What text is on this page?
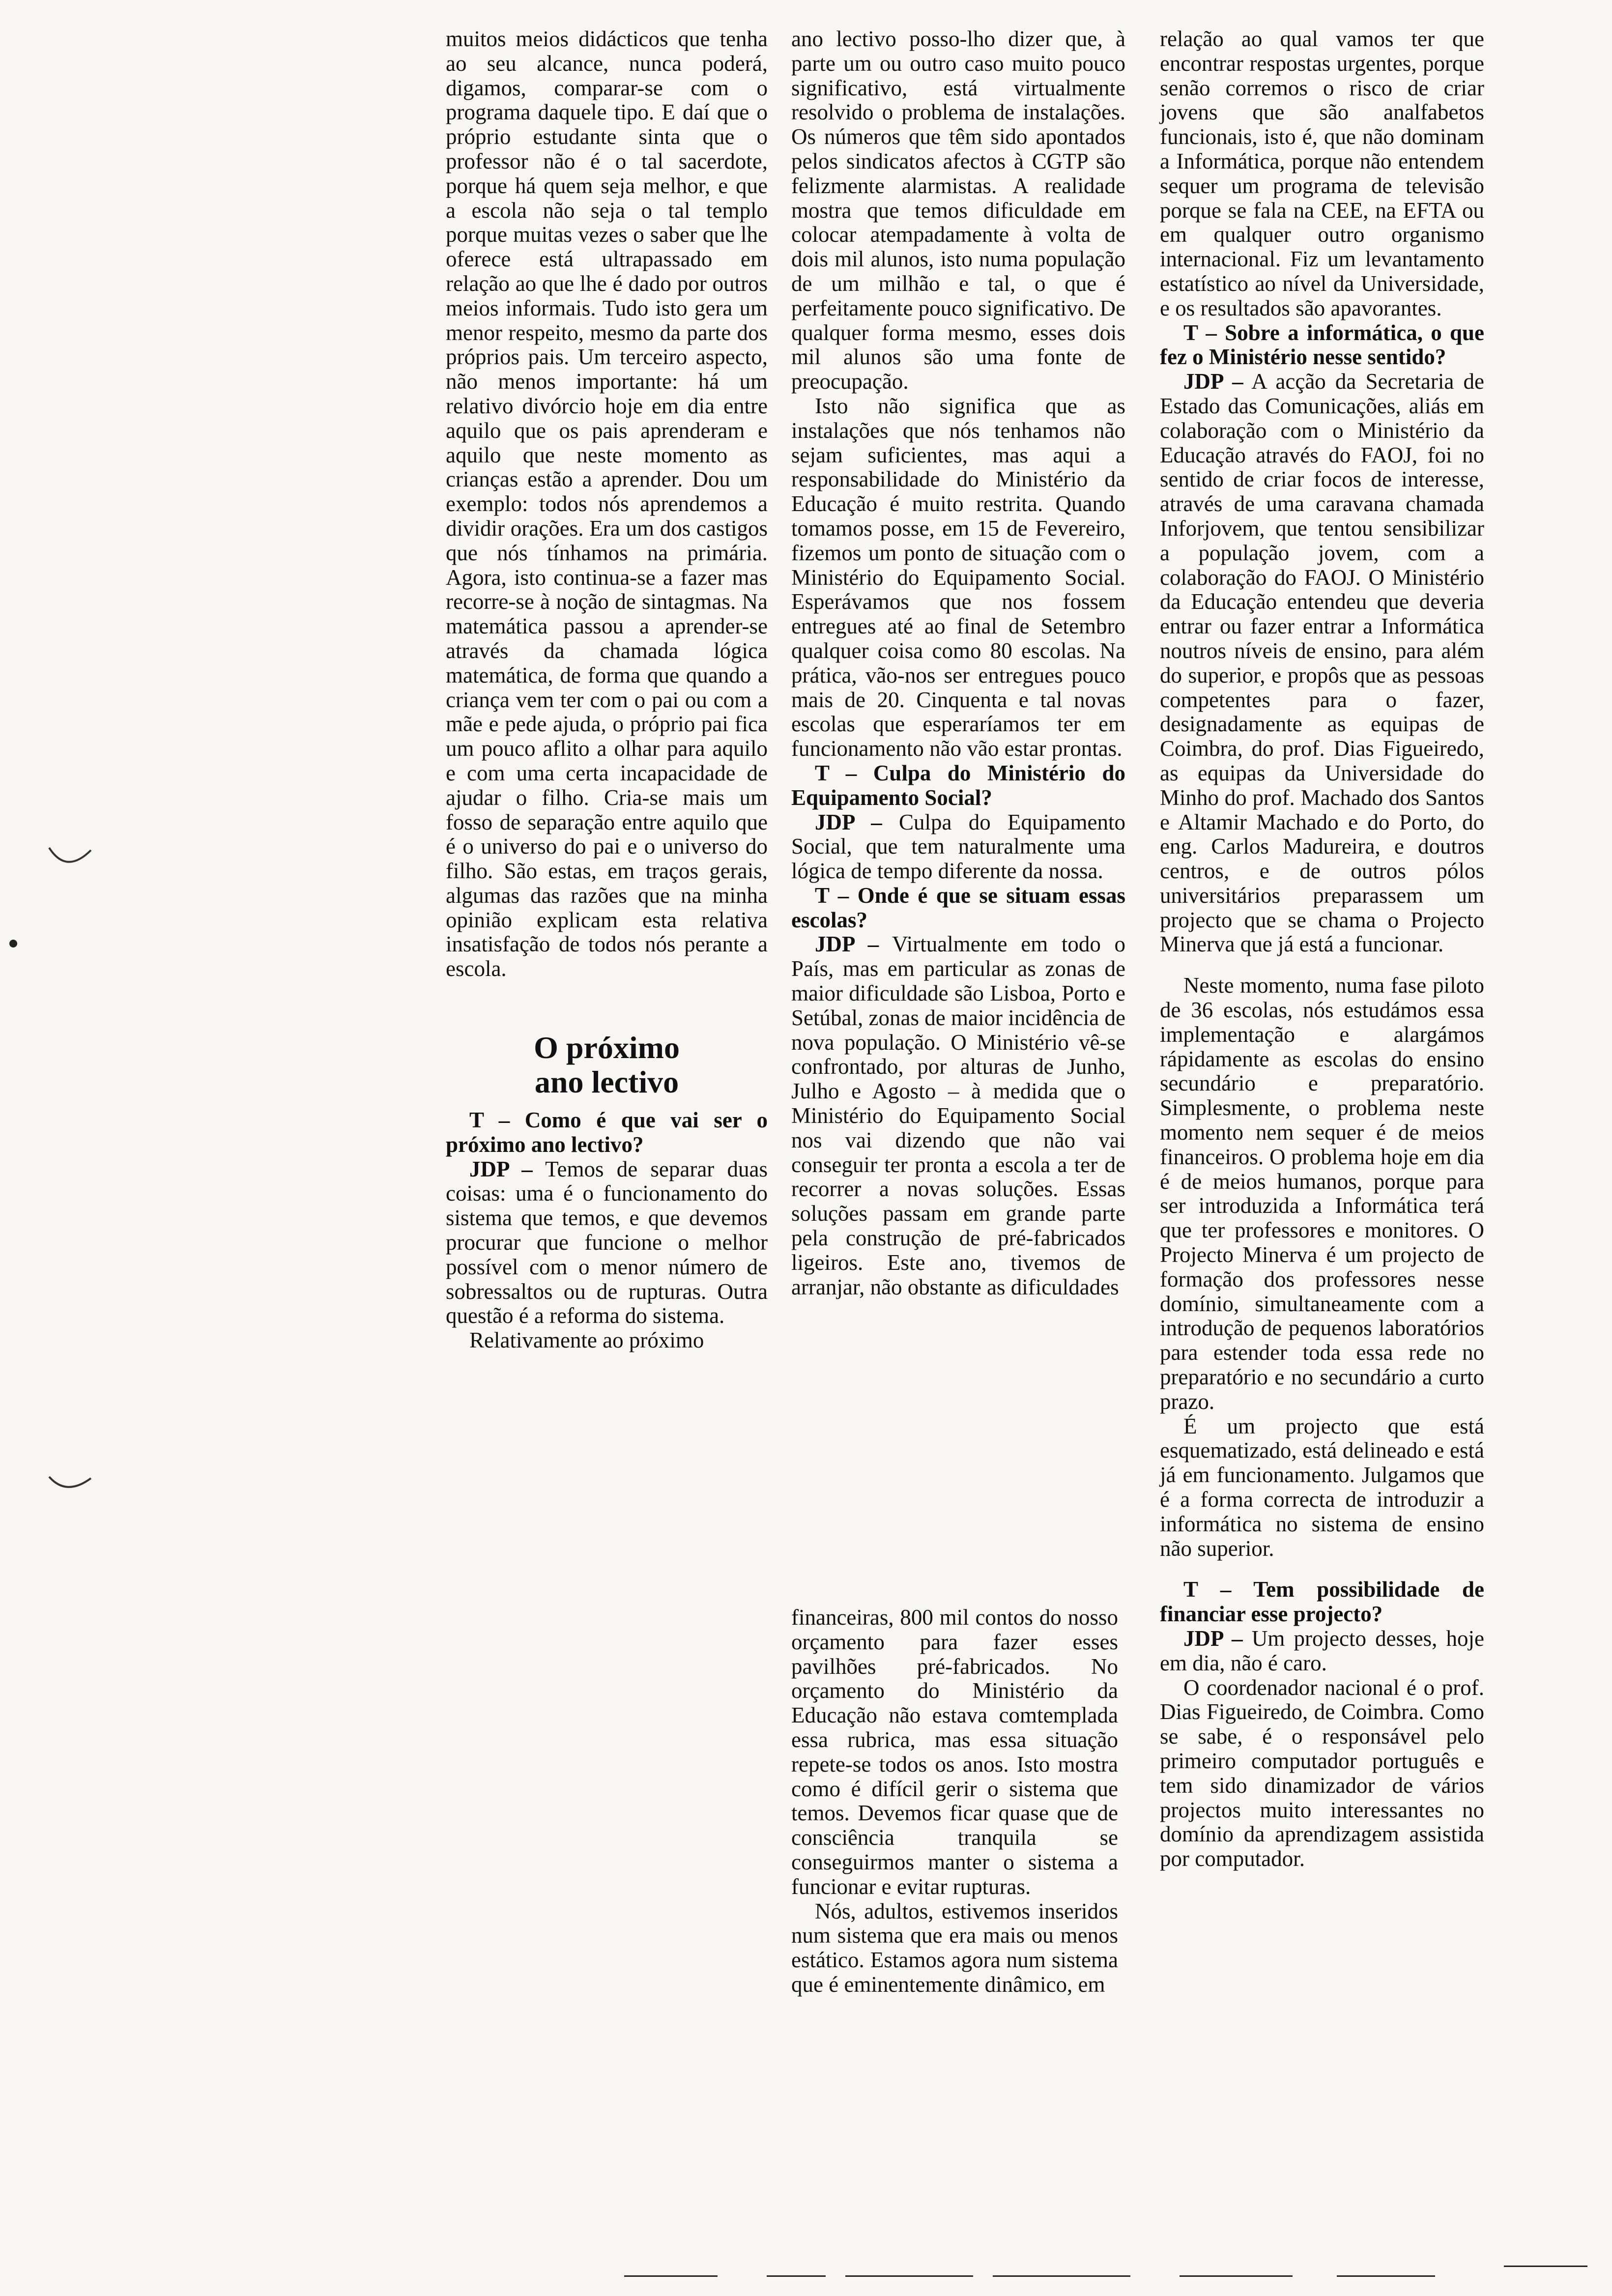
muitos meios didácticos que tenha ao seu alcance, nunca poderá, digamos, comparar-se com o programa daquele tipo. E daí que o próprio estudante sinta que o professor não é o tal sacerdote, porque há quem seja melhor, e que a escola não seja o tal templo porque muitas vezes o saber que lhe oferece está ultrapassado em relação ao que lhe é dado por outros meios informais. Tudo isto gera um menor respeito, mesmo da parte dos próprios pais. Um terceiro aspecto, não menos importante: há um relativo divórcio hoje em dia entre aquilo que os pais aprenderam e aquilo que neste momento as crianças estão a aprender. Dou um exemplo: todos nós aprendemos a dividir orações. Era um dos castigos que nós tínhamos na primária. Agora, isto continua-se a fazer mas recorre-se à noção de sintagmas. Na matemática passou a aprender-se através da chamada lógica matemática, de forma que quando a criança vem ter com o pai ou com a mãe e pede ajuda, o próprio pai fica um pouco aflito a olhar para aquilo e com uma certa incapacidade de ajudar o filho. Cria-se mais um fosso de separação entre aquilo que é o universo do pai e o universo do filho. São estas, em traços gerais, algumas das razões que na minha opinião explicam esta relativa insatisfação de todos nós perante a escola.

O próximo
ano lectivo

T – Como é que vai ser o próximo ano lectivo?

JDP – Temos de separar duas coisas: uma é o funcionamento do sistema que temos, e que devemos procurar que funcione o melhor possível com o menor número de sobressaltos ou de rupturas. Outra questão é a reforma do sistema.

Relativamente ao próximo

ano lectivo posso-lho dizer que, à parte um ou outro caso muito pouco significativo, está virtualmente resolvido o problema de instalações. Os números que têm sido apontados pelos sindicatos afectos à CGTP são felizmente alarmistas. A realidade mostra que temos dificuldade em colocar atempadamente à volta de dois mil alunos, isto numa população de um milhão e tal, o que é perfeitamente pouco significativo. De qualquer forma mesmo, esses dois mil alunos são uma fonte de preocupação.

Isto não significa que as instalações que nós tenhamos não sejam suficientes, mas aqui a responsabilidade do Ministério da Educação é muito restrita. Quando tomamos posse, em 15 de Fevereiro, fizemos um ponto de situação com o Ministério do Equipamento Social. Esperávamos que nos fossem entregues até ao final de Setembro qualquer coisa como 80 escolas. Na prática, vão-nos ser entregues pouco mais de 20. Cinquenta e tal novas escolas que esperaríamos ter em funcionamento não vão estar prontas.

T – Culpa do Ministério do Equipamento Social?

JDP – Culpa do Equipamento Social, que tem naturalmente uma lógica de tempo diferente da nossa.

T – Onde é que se situam essas escolas?

JDP – Virtualmente em todo o País, mas em particular as zonas de maior dificuldade são Lisboa, Porto e Setúbal, zonas de maior incidência de nova população. O Ministério vê-se confrontado, por alturas de Junho, Julho e Agosto – à medida que o Ministério do Equipamento Social nos vai dizendo que não vai conseguir ter pronta a escola a ter de recorrer a novas soluções. Essas soluções passam em grande parte pela construção de pré-fabricados ligeiros. Este ano, tivemos de arranjar, não obstante as dificuldades

financeiras, 800 mil contos do nosso orçamento para fazer esses pavilhões pré-fabricados. No orçamento do Ministério da Educação não estava comtemplada essa rubrica, mas essa situação repete-se todos os anos. Isto mostra como é difícil gerir o sistema que temos. Devemos ficar quase que de consciência tranquila se conseguirmos manter o sistema a funcionar e evitar rupturas.

Nós, adultos, estivemos inseridos num sistema que era mais ou menos estático. Estamos agora num sistema que é eminentemente dinâmico, em

relação ao qual vamos ter que encontrar respostas urgentes, porque senão corremos o risco de criar jovens que são analfabetos funcionais, isto é, que não dominam a Informática, porque não entendem sequer um programa de televisão porque se fala na CEE, na EFTA ou em qualquer outro organismo internacional. Fiz um levantamento estatístico ao nível da Universidade, e os resultados são apavorantes.

T – Sobre a informática, o que fez o Ministério nesse sentido?

JDP – A acção da Secretaria de Estado das Comunicações, aliás em colaboração com o Ministério da Educação através do FAOJ, foi no sentido de criar focos de interesse, através de uma caravana chamada Inforjovem, que tentou sensibilizar a população jovem, com a colaboração do FAOJ. O Ministério da Educação entendeu que deveria entrar ou fazer entrar a Informática noutros níveis de ensino, para além do superior, e propôs que as pessoas competentes para o fazer, designadamente as equipas de Coimbra, do prof. Dias Figueiredo, as equipas da Universidade do Minho do prof. Machado dos Santos e Altamir Machado e do Porto, do eng. Carlos Madureira, e doutros centros, e de outros pólos universitários preparassem um projecto que se chama o Projecto Minerva que já está a funcionar.

Neste momento, numa fase piloto de 36 escolas, nós estudámos essa implementação e alargámos rápidamente as escolas do ensino secundário e preparatório. Simplesmente, o problema neste momento nem sequer é de meios financeiros. O problema hoje em dia é de meios humanos, porque para ser introduzida a Informática terá que ter professores e monitores. O Projecto Minerva é um projecto de formação dos professores nesse domínio, simultaneamente com a introdução de pequenos laboratórios para estender toda essa rede no preparatório e no secundário a curto prazo.

É um projecto que está esquematizado, está delineado e está já em funcionamento. Julgamos que é a forma correcta de introduzir a informática no sistema de ensino não superior.

T – Tem possibilidade de financiar esse projecto?

JDP – Um projecto desses, hoje em dia, não é caro.

O coordenador nacional é o prof. Dias Figueiredo, de Coimbra. Como se sabe, é o responsável pelo primeiro computador português e tem sido dinamizador de vários projectos muito interessantes no domínio da aprendizagem assistida por computador.
